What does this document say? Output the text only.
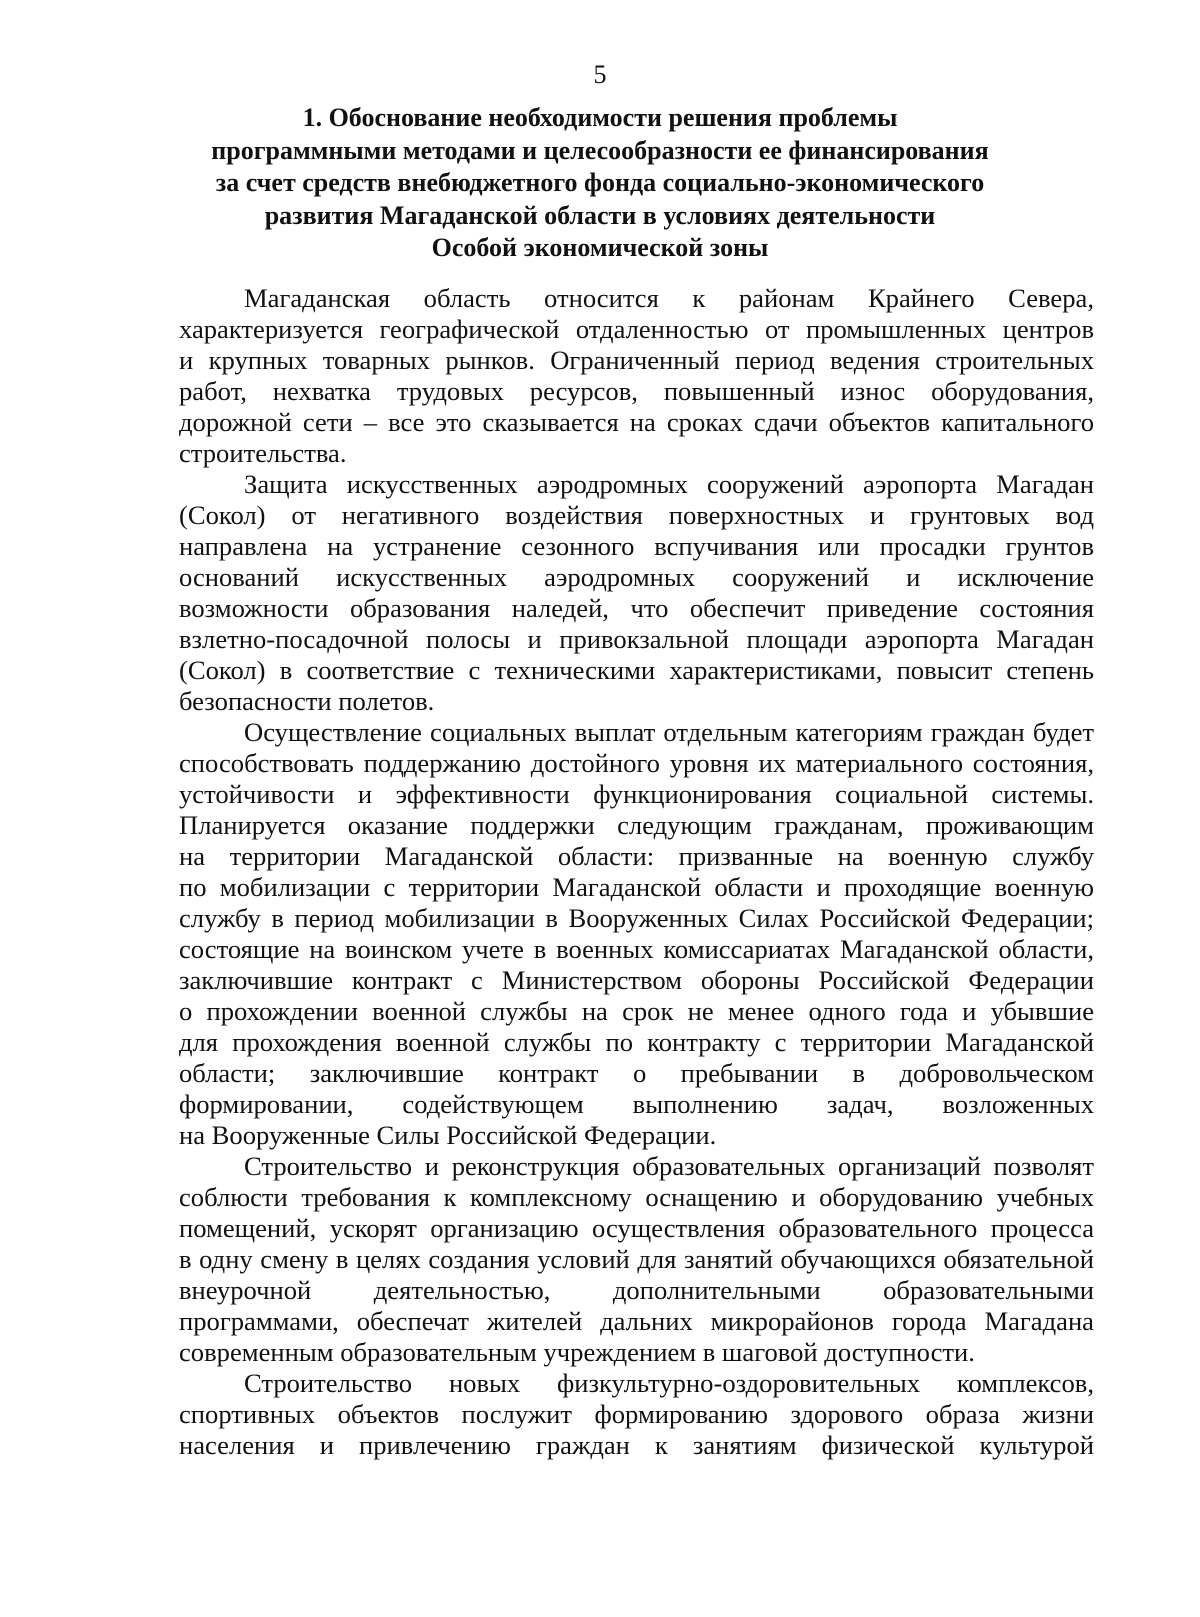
5
1. Обоснование необходимости решения проблемы
программными методами и целесообразности ее финансирования
за счет средств внебюджетного фонда социально-экономического
развития Магаданской области в условиях деятельности
Особой экономической зоны
Магаданская область относится к районам Крайнего Севера,
характеризуется географической отдаленностью от промышленных центров
и крупных товарных рынков. Ограниченный период ведения строительных
работ, нехватка трудовых ресурсов, повышенный износ оборудования,
дорожной сети – все это сказывается на сроках сдачи объектов капитального
строительства.
Защита искусственных аэродромных сооружений аэропорта Магадан
(Сокол) от негативного воздействия поверхностных и грунтовых вод
направлена на устранение сезонного вспучивания или просадки грунтов
оснований искусственных аэродромных сооружений и исключение
возможности образования наледей, что обеспечит приведение состояния
взлетно-посадочной полосы и привокзальной площади аэропорта Магадан
(Сокол) в соответствие с техническими характеристиками, повысит степень
безопасности полетов.
Осуществление социальных выплат отдельным категориям граждан будет
способствовать поддержанию достойного уровня их материального состояния,
устойчивости и эффективности функционирования социальной системы.
Планируется оказание поддержки следующим гражданам, проживающим
на территории Магаданской области: призванные на военную службу
по мобилизации с территории Магаданской области и проходящие военную
службу в период мобилизации в Вооруженных Силах Российской Федерации;
состоящие на воинском учете в военных комиссариатах Магаданской области,
заключившие контракт с Министерством обороны Российской Федерации
о прохождении военной службы на срок не менее одного года и убывшие
для прохождения военной службы по контракту с территории Магаданской
области; заключившие контракт о пребывании в добровольческом
формировании, содействующем выполнению задач, возложенных
на Вооруженные Силы Российской Федерации.
Строительство и реконструкция образовательных организаций позволят
соблюсти требования к комплексному оснащению и оборудованию учебных
помещений, ускорят организацию осуществления образовательного процесса
в одну смену в целях создания условий для занятий обучающихся обязательной
внеурочной деятельностью, дополнительными образовательными
программами, обеспечат жителей дальних микрорайонов города Магадана
современным образовательным учреждением в шаговой доступности.
Строительство новых физкультурно-оздоровительных комплексов,
спортивных объектов послужит формированию здорового образа жизни
населения и привлечению граждан к занятиям физической культурой
